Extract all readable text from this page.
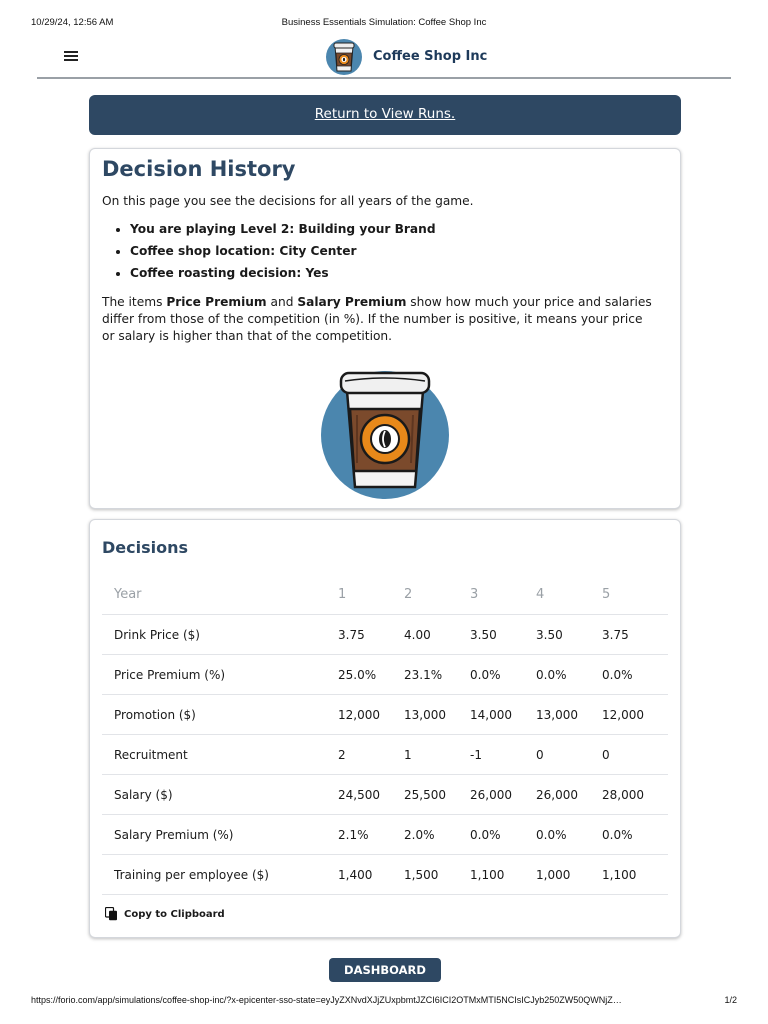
10/29/24, 12:56 AM	Business Essentials Simulation: Coffee Shop Inc
Coffee Shop Inc
Return to View Runs.
Decision History

On this page you see the decisions for all years of the game.

• You are playing Level 2: Building your Brand
• Coffee shop location: City Center
• Coffee roasting decision: Yes

The items Price Premium and Salary Premium show how much your price and salaries differ from those of the competition (in %). If the number is positive, it means your price or salary is higher than that of the competition.

Decisions
Year	1	2	3	4	5
Drink Price ($)	3.75	4.00	3.50	3.50	3.75
Price Premium (%)	25.0%	23.1%	0.0%	0.0%	0.0%
Promotion ($)	12,000	13,000	14,000	13,000	12,000
Recruitment	2	1	-1	0	0
Salary ($)	24,500	25,500	26,000	26,000	28,000
Salary Premium (%)	2.1%	2.0%	0.0%	0.0%	0.0%
Training per employee ($)	1,400	1,500	1,100	1,000	1,100
Copy to Clipboard
DASHBOARD
https://forio.com/app/simulations/coffee-shop-inc/?x-epicenter-sso-state=eyJyZXNvdXJjZUxpbmtJZCI6ICI2OTMxMTI5NCIsICJyb250ZW50QWNjZ…	1/2
